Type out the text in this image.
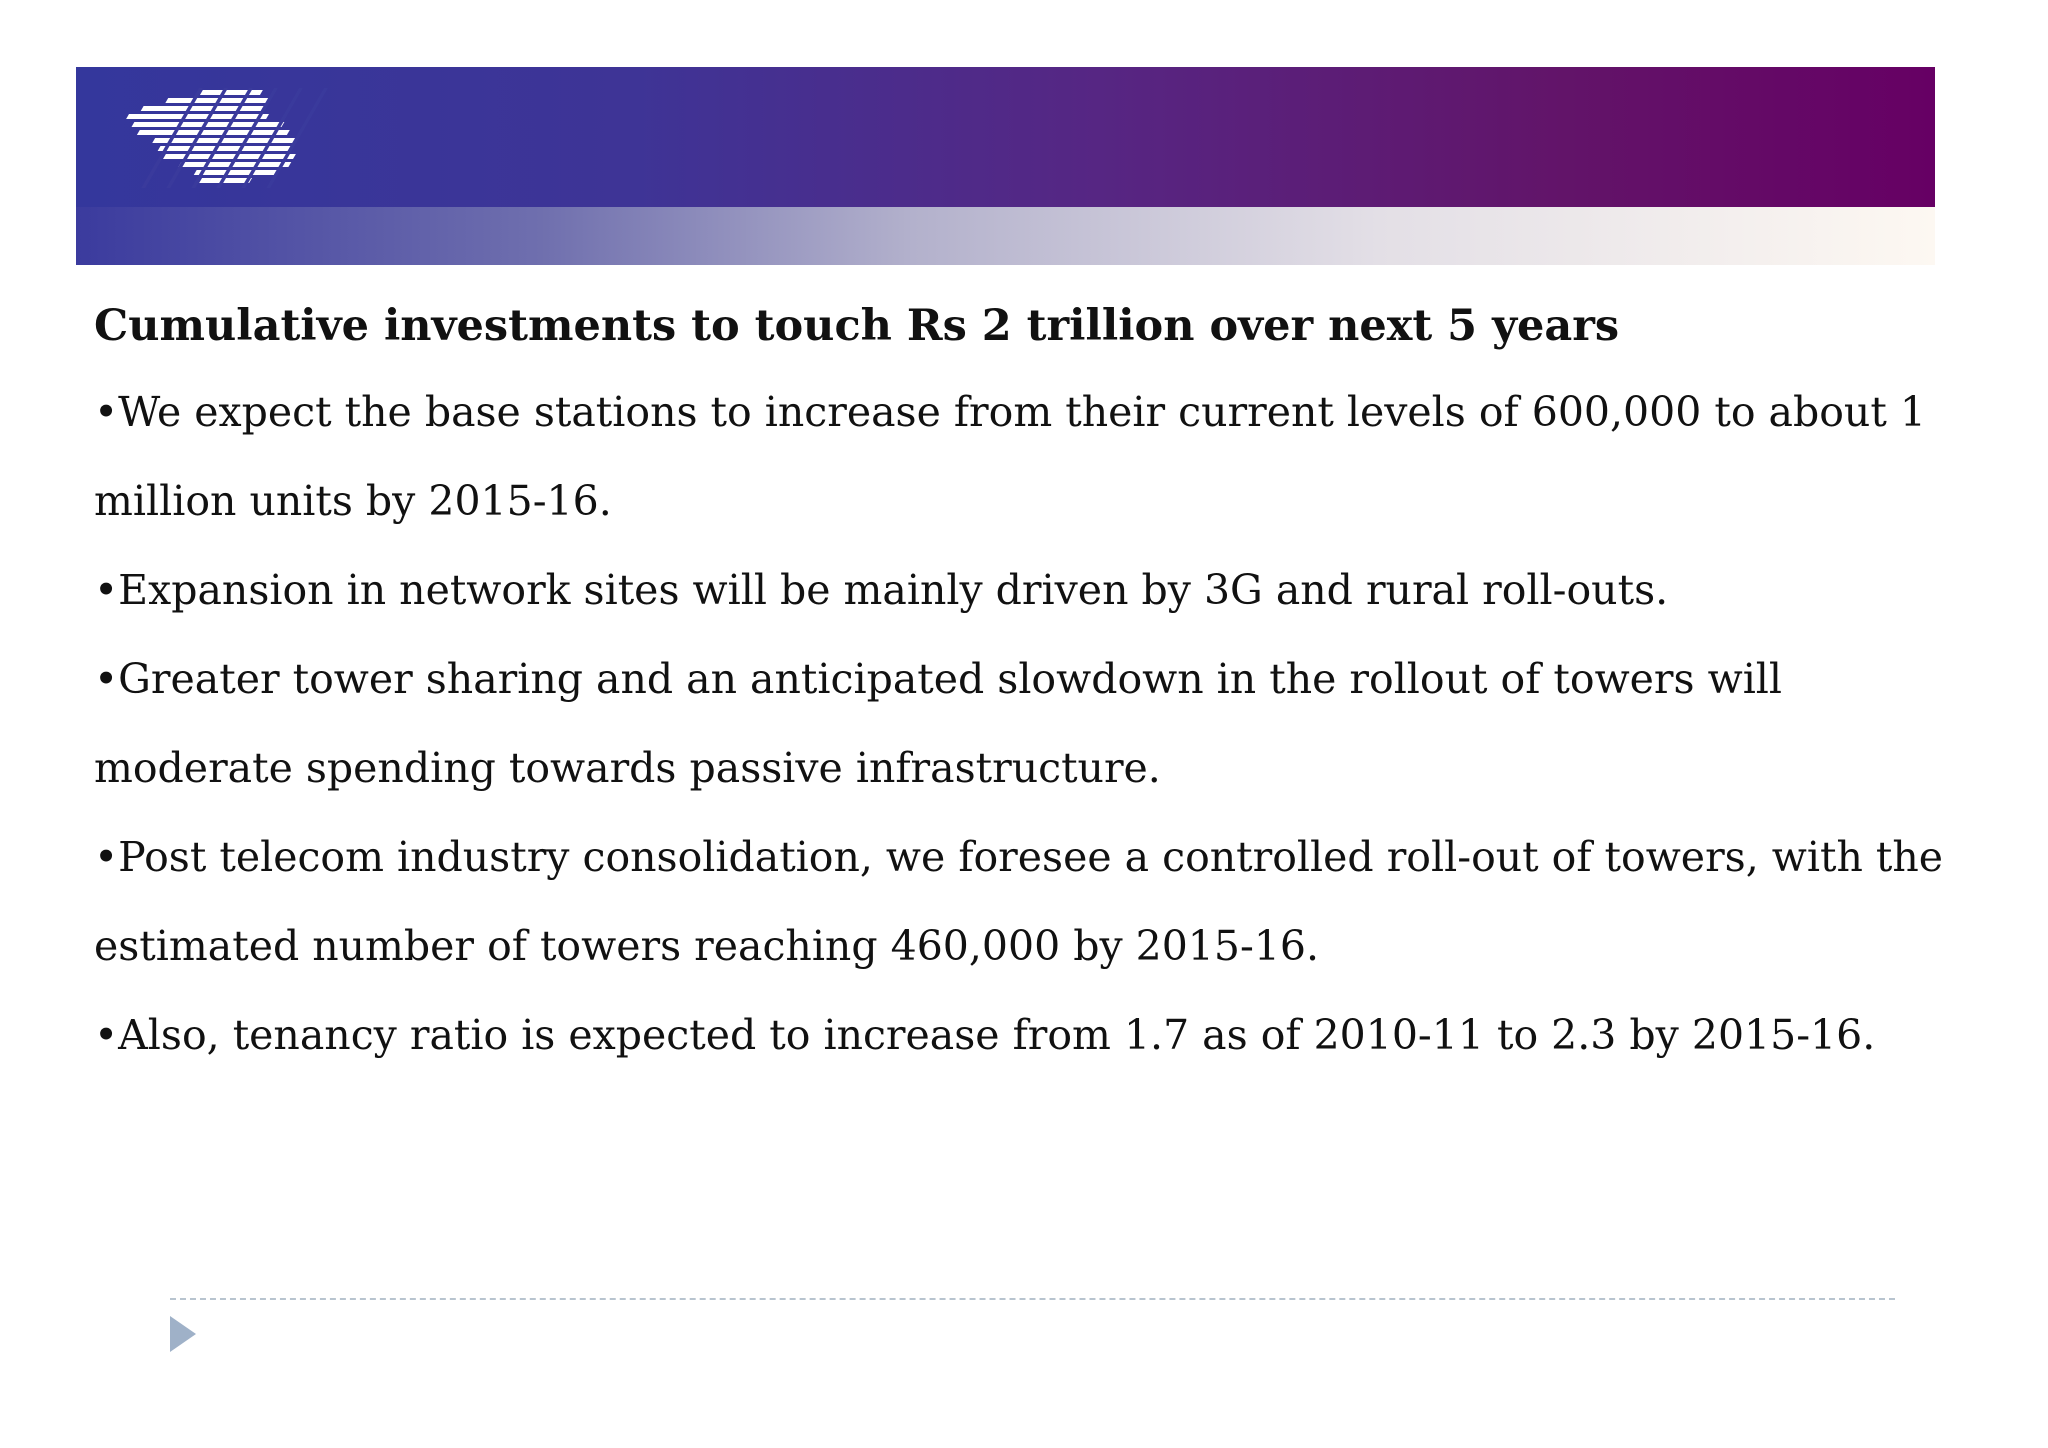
Cumulative investments to touch Rs 2 trillion over next 5 years

•We expect the base stations to increase from their current levels of 600,000 to about 1 million units by 2015-16.

•Expansion in network sites will be mainly driven by 3G and rural roll-outs.

•Greater tower sharing and an anticipated slowdown in the rollout of towers will moderate spending towards passive infrastructure.

•Post telecom industry consolidation, we foresee a controlled roll-out of towers, with the estimated number of towers reaching 460,000 by 2015-16.

•Also, tenancy ratio is expected to increase from 1.7 as of 2010-11 to 2.3 by 2015-16.
